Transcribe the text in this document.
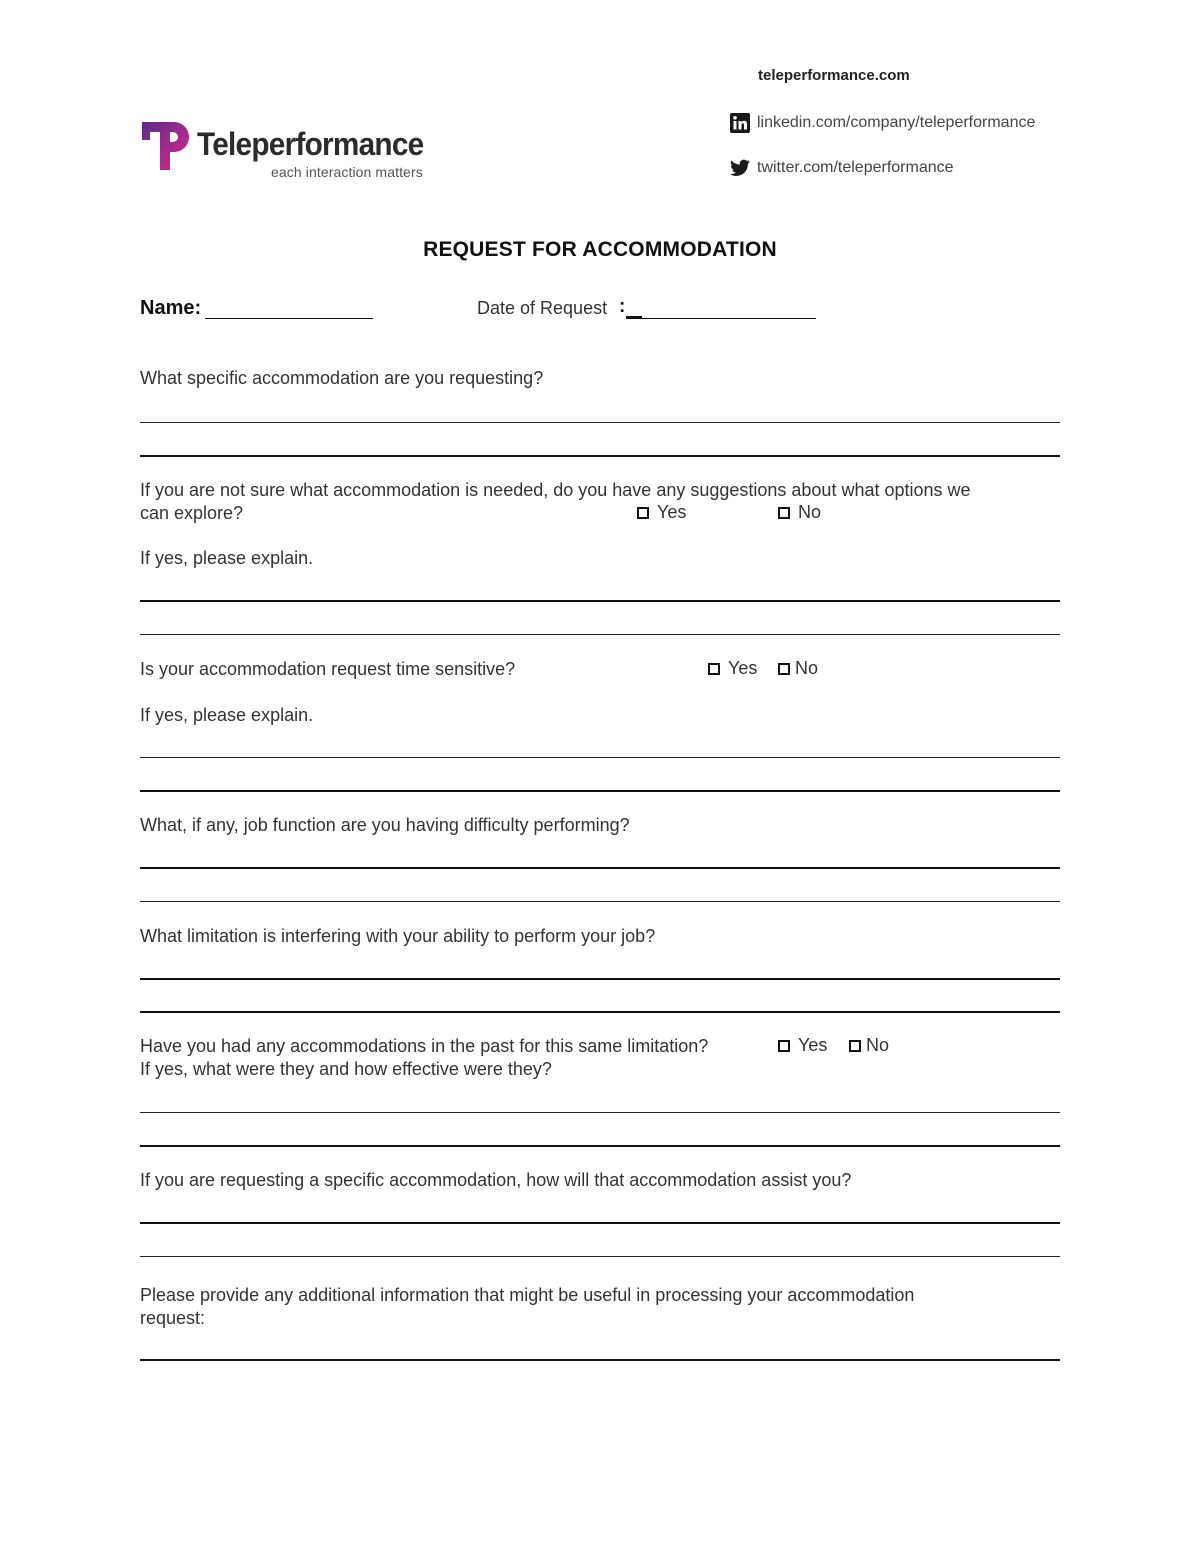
Teleperformance
each interaction matters
teleperformance.com
linkedin.com/company/teleperformance
twitter.com/teleperformance
REQUEST FOR ACCOMMODATION
Name:	Date of Request :
What specific accommodation are you requesting?
If you are not sure what accommodation is needed, do you have any suggestions about what options we
can explore?	Yes	No
If yes, please explain.
Is your accommodation request time sensitive?	Yes No
If yes, please explain.
What, if any, job function are you having difficulty performing?
What limitation is interfering with your ability to perform your job?
Have you had any accommodations in the past for this same limitation?	Yes No
If yes, what were they and how effective were they?
If you are requesting a specific accommodation, how will that accommodation assist you?
Please provide any additional information that might be useful in processing your accommodation
request:
